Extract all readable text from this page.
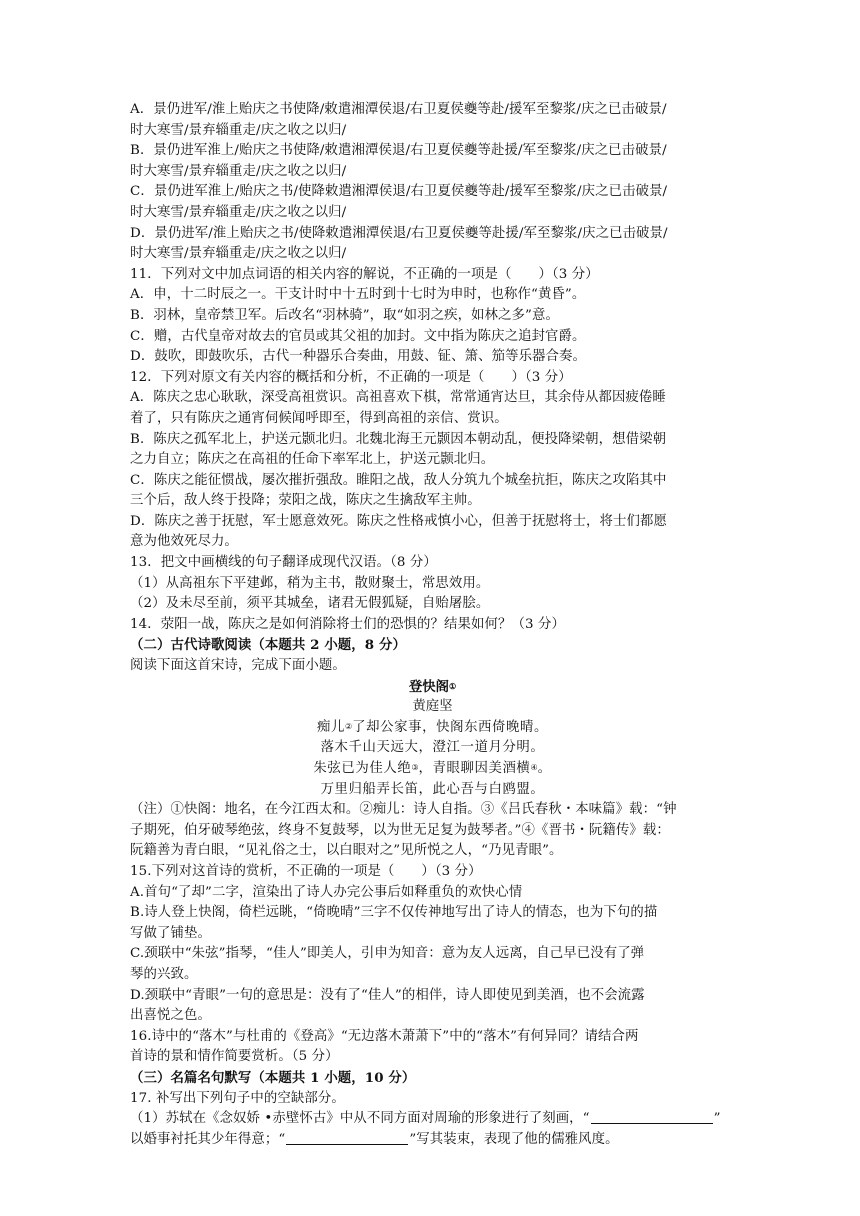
A．景仍进军/淮上贻庆之书使降/敕遣湘潭侯退/右卫夏侯夔等赴/援军至黎浆/庆之已击破景/
时大寒雪/景弃辎重走/庆之收之以归/
B．景仍进军淮上/贻庆之书使降/敕遣湘潭侯退/右卫夏侯夔等赴援/军至黎浆/庆之已击破景/
时大寒雪/景弃辎重走/庆之收之以归/
C．景仍进军淮上/贻庆之书/使降敕遣湘潭侯退/右卫夏侯夔等赴/援军至黎浆/庆之已击破景/
时大寒雪/景弃辎重走/庆之收之以归/
D．景仍进军/淮上贻庆之书/使降敕遣湘潭侯退/右卫夏侯夔等赴援/军至黎浆/庆之已击破景/
时大寒雪/景弃辎重走/庆之收之以归/
11．下列对文中加点词语的相关内容的解说，不正确的一项是（　　）（3 分）
A．申，十二时辰之一。干支计时中十五时到十七时为申时，也称作“黄昏”。
B．羽林，皇帝禁卫军。后改名“羽林骑”，取“如羽之疾，如林之多”意。
C．赠，古代皇帝对故去的官员或其父祖的加封。文中指为陈庆之追封官爵。
D．鼓吹，即鼓吹乐，古代一种器乐合奏曲，用鼓、钲、箫、笳等乐器合奏。
12．下列对原文有关内容的概括和分析，不正确的一项是（　　）（3 分）
A．陈庆之忠心耿耿，深受高祖赏识。高祖喜欢下棋，常常通宵达旦，其余侍从都因疲倦睡
着了，只有陈庆之通宵伺候闻呼即至，得到高祖的亲信、赏识。
B．陈庆之孤军北上，护送元颢北归。北魏北海王元颢因本朝动乱，便投降梁朝，想借梁朝
之力自立；陈庆之在高祖的任命下率军北上，护送元颢北归。
C．陈庆之能征惯战，屡次摧折强敌。睢阳之战，敌人分筑九个城垒抗拒，陈庆之攻陷其中
三个后，敌人终于投降；荥阳之战，陈庆之生擒敌军主帅。
D．陈庆之善于抚慰，军士愿意效死。陈庆之性格戒慎小心，但善于抚慰将士，将士们都愿
意为他效死尽力。
13．把文中画横线的句子翻译成现代汉语。（8 分）
（1）从高祖东下平建邺，稍为主书，散财聚士，常思效用。
（2）及未尽至前，须平其城垒，诸君无假狐疑，自贻屠脍。
14．荥阳一战，陈庆之是如何消除将士们的恐惧的？结果如何？（3 分）
（二）古代诗歌阅读（本题共 2 小题，8 分）
阅读下面这首宋诗，完成下面小题。
登快阁①
黄庭坚
痴儿②了却公家事，快阁东西倚晚晴。
落木千山天远大，澄江一道月分明。
朱弦已为佳人绝③，青眼聊因美酒横④。
万里归船弄长笛，此心吾与白鸥盟。
（注）①快阁：地名，在今江西太和。②痴儿：诗人自指。③《吕氏春秋・本味篇》载：“钟
子期死，伯牙破琴绝弦，终身不复鼓琴，以为世无足复为鼓琴者。”④《晋书・阮籍传》载：
阮籍善为青白眼，“见礼俗之士，以白眼对之”见所悦之人，“乃见青眼”。
15.下列对这首诗的赏析，不正确的一项是（　　）（3 分）
A.首句“了却”二字，渲染出了诗人办完公事后如释重负的欢快心情
B.诗人登上快阁，倚栏远眺，“倚晚晴”三字不仅传神地写出了诗人的情态，也为下句的描
写做了铺垫。
C.颈联中“朱弦”指琴，“佳人”即美人，引申为知音：意为友人远离，自己早已没有了弹
琴的兴致。
D.颈联中“青眼”一句的意思是：没有了“佳人”的相伴，诗人即使见到美酒，也不会流露
出喜悦之色。
16.诗中的“落木”与杜甫的《登高》“无边落木萧萧下”中的“落木”有何异同？请结合两
首诗的景和情作简要赏析。（5 分）
（三）名篇名句默写（本题共 1 小题，10 分）
17. 补写出下列句子中的空缺部分。
（1）苏轼在《念奴娇 •赤壁怀古》中从不同方面对周瑜的形象进行了刻画，“	”
以婚事衬托其少年得意；“	”写其装束，表现了他的儒雅风度。
